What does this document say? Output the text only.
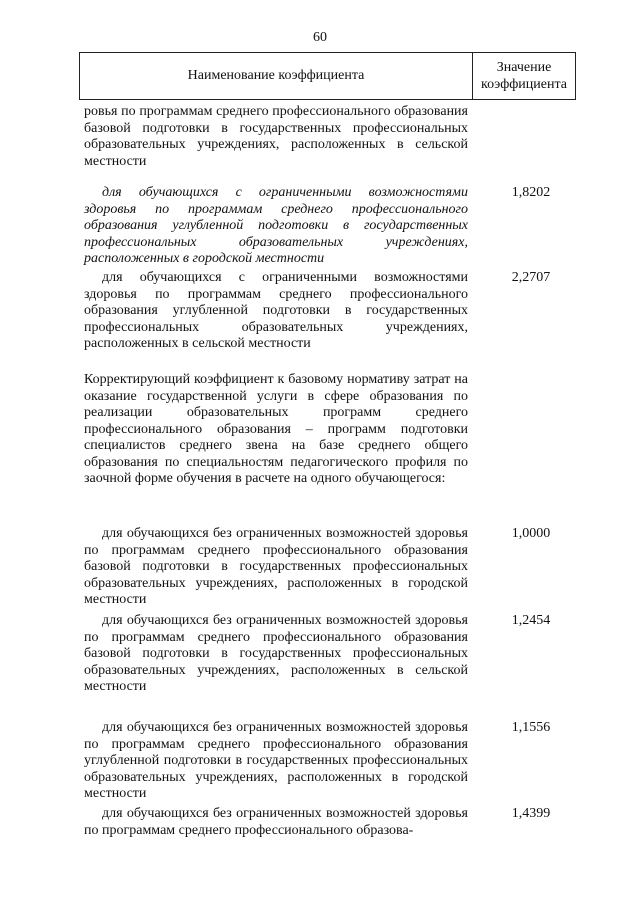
60
Наименование коэффициента
Значение
коэффициента

ровья по программам среднего профессионального образования базовой подготовки в государственных профессиональных образовательных учреждениях, расположенных в сельской местности

для обучающихся с ограниченными возможностями здоровья по программам среднего профессионального образования углубленной подготовки в государственных профессиональных образовательных учреждениях, расположенных в городской местности

1,8202

для обучающихся с ограниченными возможностями здоровья по программам среднего профессионального образования углубленной подготовки в государственных профессиональных образовательных учреждениях, расположенных в сельской местности

2,2707

Корректирующий коэффициент к базовому нормативу затрат на оказание государственной услуги в сфере образования по реализации образовательных программ среднего профессионального образования – программ подготовки специалистов среднего звена на базе среднего общего образования по специальностям педагогического профиля по заочной форме обучения в расчете на одного обучающегося:

для обучающихся без ограниченных возможностей здоровья по программам среднего профессионального образования базовой подготовки в государственных профессиональных образовательных учреждениях, расположенных в городской местности

1,0000

для обучающихся без ограниченных возможностей здоровья по программам среднего профессионального образования базовой подготовки в государственных профессиональных образовательных учреждениях, расположенных в сельской местности

1,2454

для обучающихся без ограниченных возможностей здоровья по программам среднего профессионального образования углубленной подготовки в государственных профессиональных образовательных учреждениях, расположенных в городской местности

1,1556

для обучающихся без ограниченных возможностей здоровья по программам среднего профессионального образова-

1,4399
